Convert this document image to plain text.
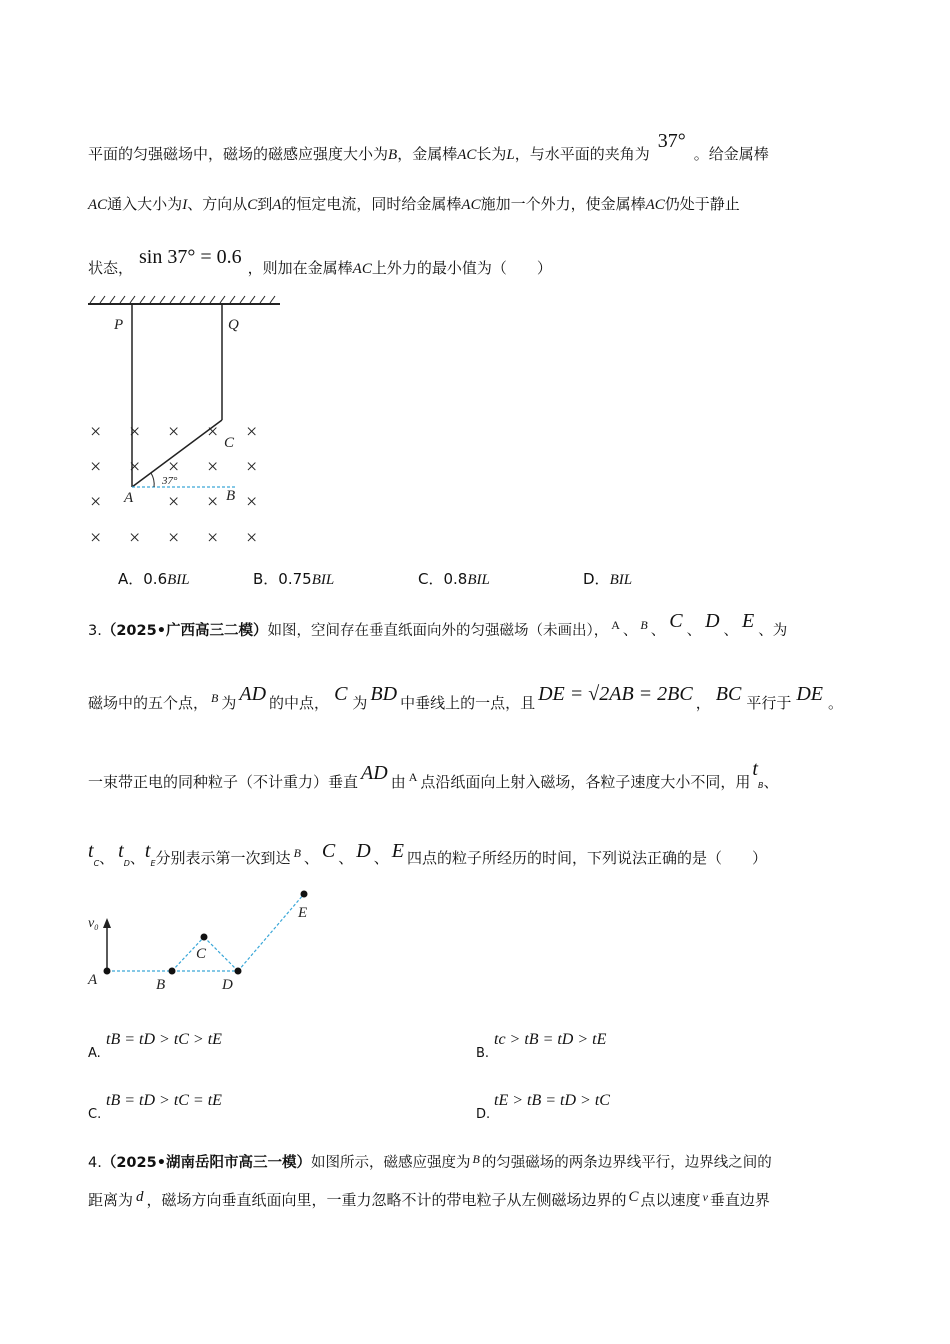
平面的匀强磁场中，磁场的磁感应强度大小为B，金属棒AC长为L，与水平面的夹角为37°。给金属棒
AC通入大小为I、方向从C到A的恒定电流，同时给金属棒AC施加一个外力，使金属棒AC仍处于静止
状态， sin 37° = 0.6 ，则加在金属棒AC上外力的最小值为（　　）
37°
P	Q
C
A	B
× × × × ×
× × × × ×
×	× × ×
× × × × ×
A．0.6BIL	B．0.75BIL	C．0.8BIL	D．BIL
3.（2025•广西高三二模）如图，空间存在垂直纸面向外的匀强磁场（未画出）， $^A$ 、 $^B$ 、 C 、 D 、 E 、为
磁场中的五个点， $^B$ 为 AD 的中点， C 为 BD 中垂线上的一点，且 DE = √2AB = 2BC ， BC 平行于 DE 。
一束带正电的同种粒子（不计重力）垂直 AD 由 $^A$ 点沿纸面向上射入磁场，各粒子速度大小不同，用tB、
$t_C$、 $t_D$、$t_E$分别表示第一次到达 $^B$ 、 C 、 D 、 E 四点的粒子所经历的时间，下列说法正确的是（　　）
$v_0$
A	B
C
D
E
A.
tB = tD > tC > tE
B.
tc > tB = tD > tE
C.
tB = tD > tC = tE
D.
tE > tB = tD > tC
4.（2025•湖南岳阳市高三一模）如图所示，磁感应强度为 $^B$ 的匀强磁场的两条边界线平行，边界线之间的
距离为 d ，磁场方向垂直纸面向里，一重力忽略不计的带电粒子从左侧磁场边界的 C 点以速度 $^v$ 垂直边界
